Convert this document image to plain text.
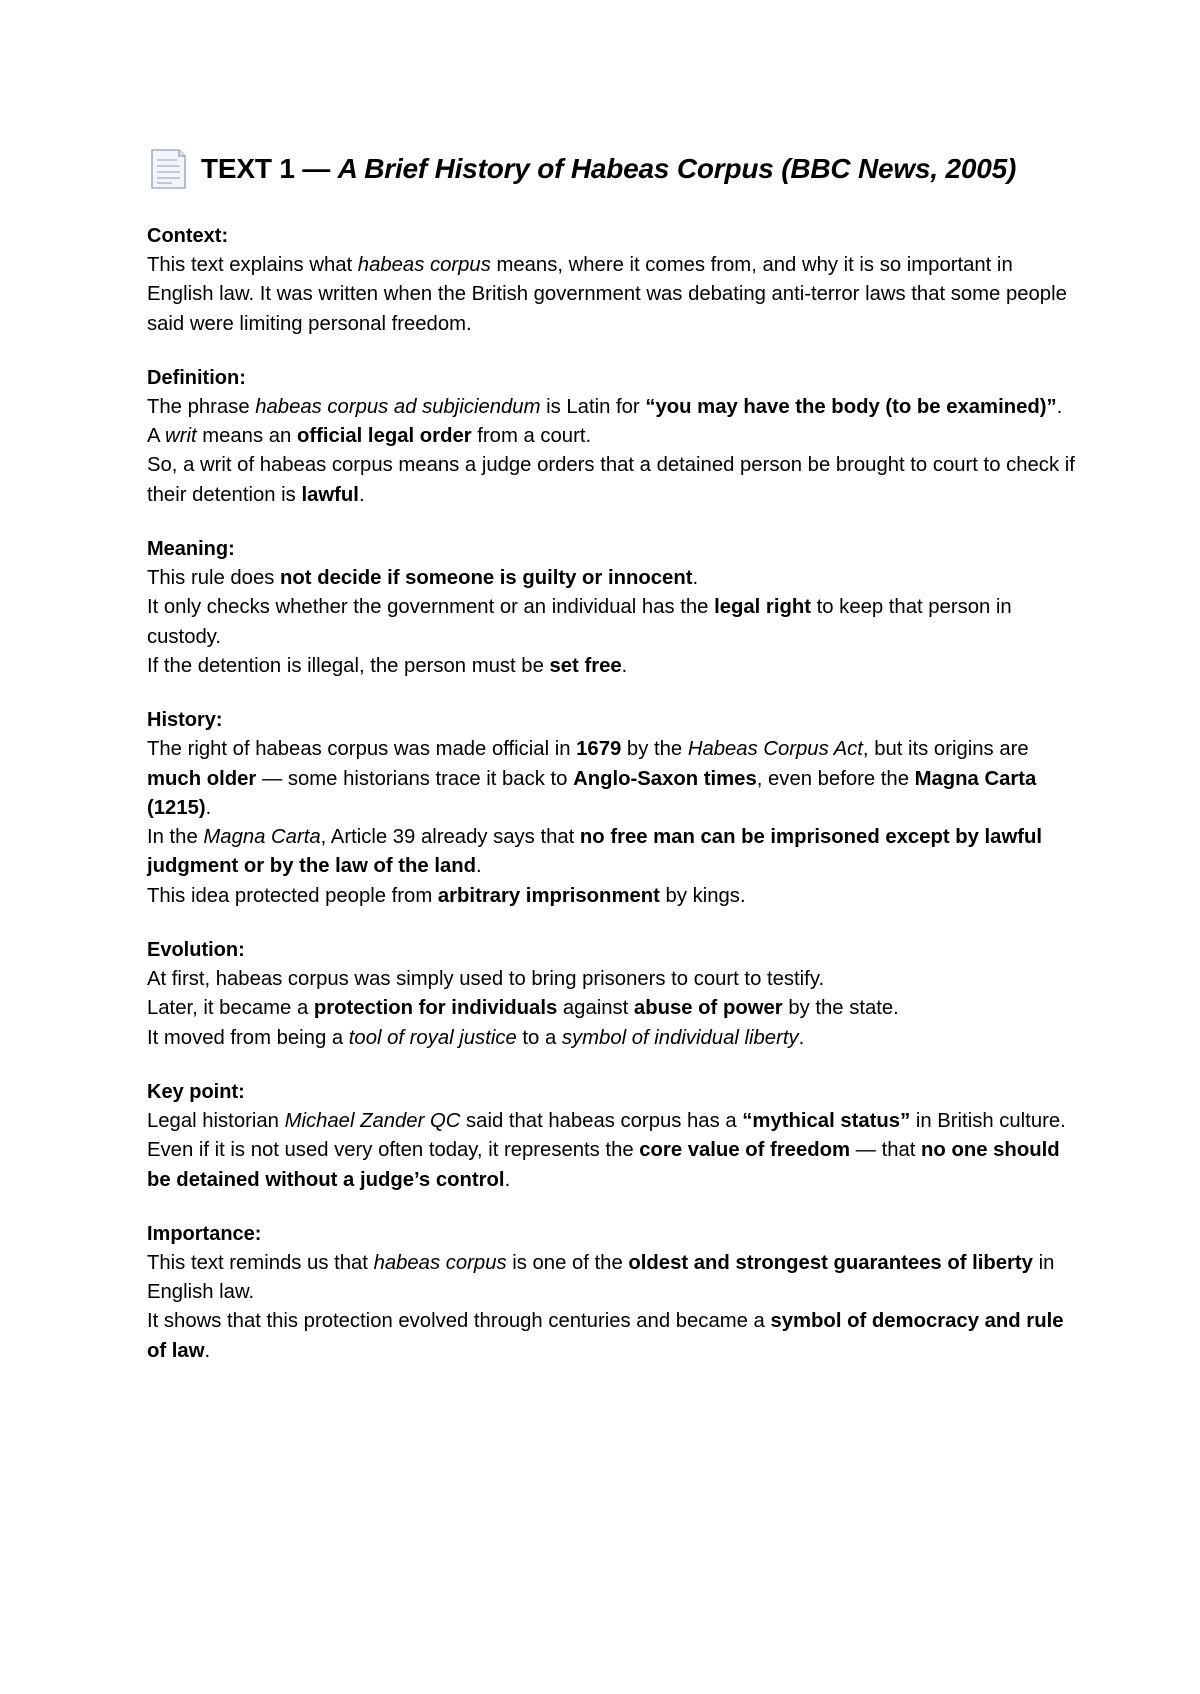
TEXT 1 — A Brief History of Habeas Corpus (BBC News, 2005)
Context:

This text explains what habeas corpus means, where it comes from, and why it is so important in English law. It was written when the British government was debating anti-terror laws that some people said were limiting personal freedom.

Definition:

The phrase habeas corpus ad subjiciendum is Latin for “you may have the body (to be examined)”.

A writ means an official legal order from a court.

So, a writ of habeas corpus means a judge orders that a detained person be brought to court to check if their detention is lawful.

Meaning:

This rule does not decide if someone is guilty or innocent.

It only checks whether the government or an individual has the legal right to keep that person in custody.

If the detention is illegal, the person must be set free.

History:

The right of habeas corpus was made official in 1679 by the Habeas Corpus Act, but its origins are much older — some historians trace it back to Anglo-Saxon times, even before the Magna Carta (1215).

In the Magna Carta, Article 39 already says that no free man can be imprisoned except by lawful judgment or by the law of the land.

This idea protected people from arbitrary imprisonment by kings.

Evolution:

At first, habeas corpus was simply used to bring prisoners to court to testify.

Later, it became a protection for individuals against abuse of power by the state.

It moved from being a tool of royal justice to a symbol of individual liberty.

Key point:

Legal historian Michael Zander QC said that habeas corpus has a “mythical status” in British culture.

Even if it is not used very often today, it represents the core value of freedom — that no one should be detained without a judge’s control.

Importance:

This text reminds us that habeas corpus is one of the oldest and strongest guarantees of liberty in English law.

It shows that this protection evolved through centuries and became a symbol of democracy and rule of law.
